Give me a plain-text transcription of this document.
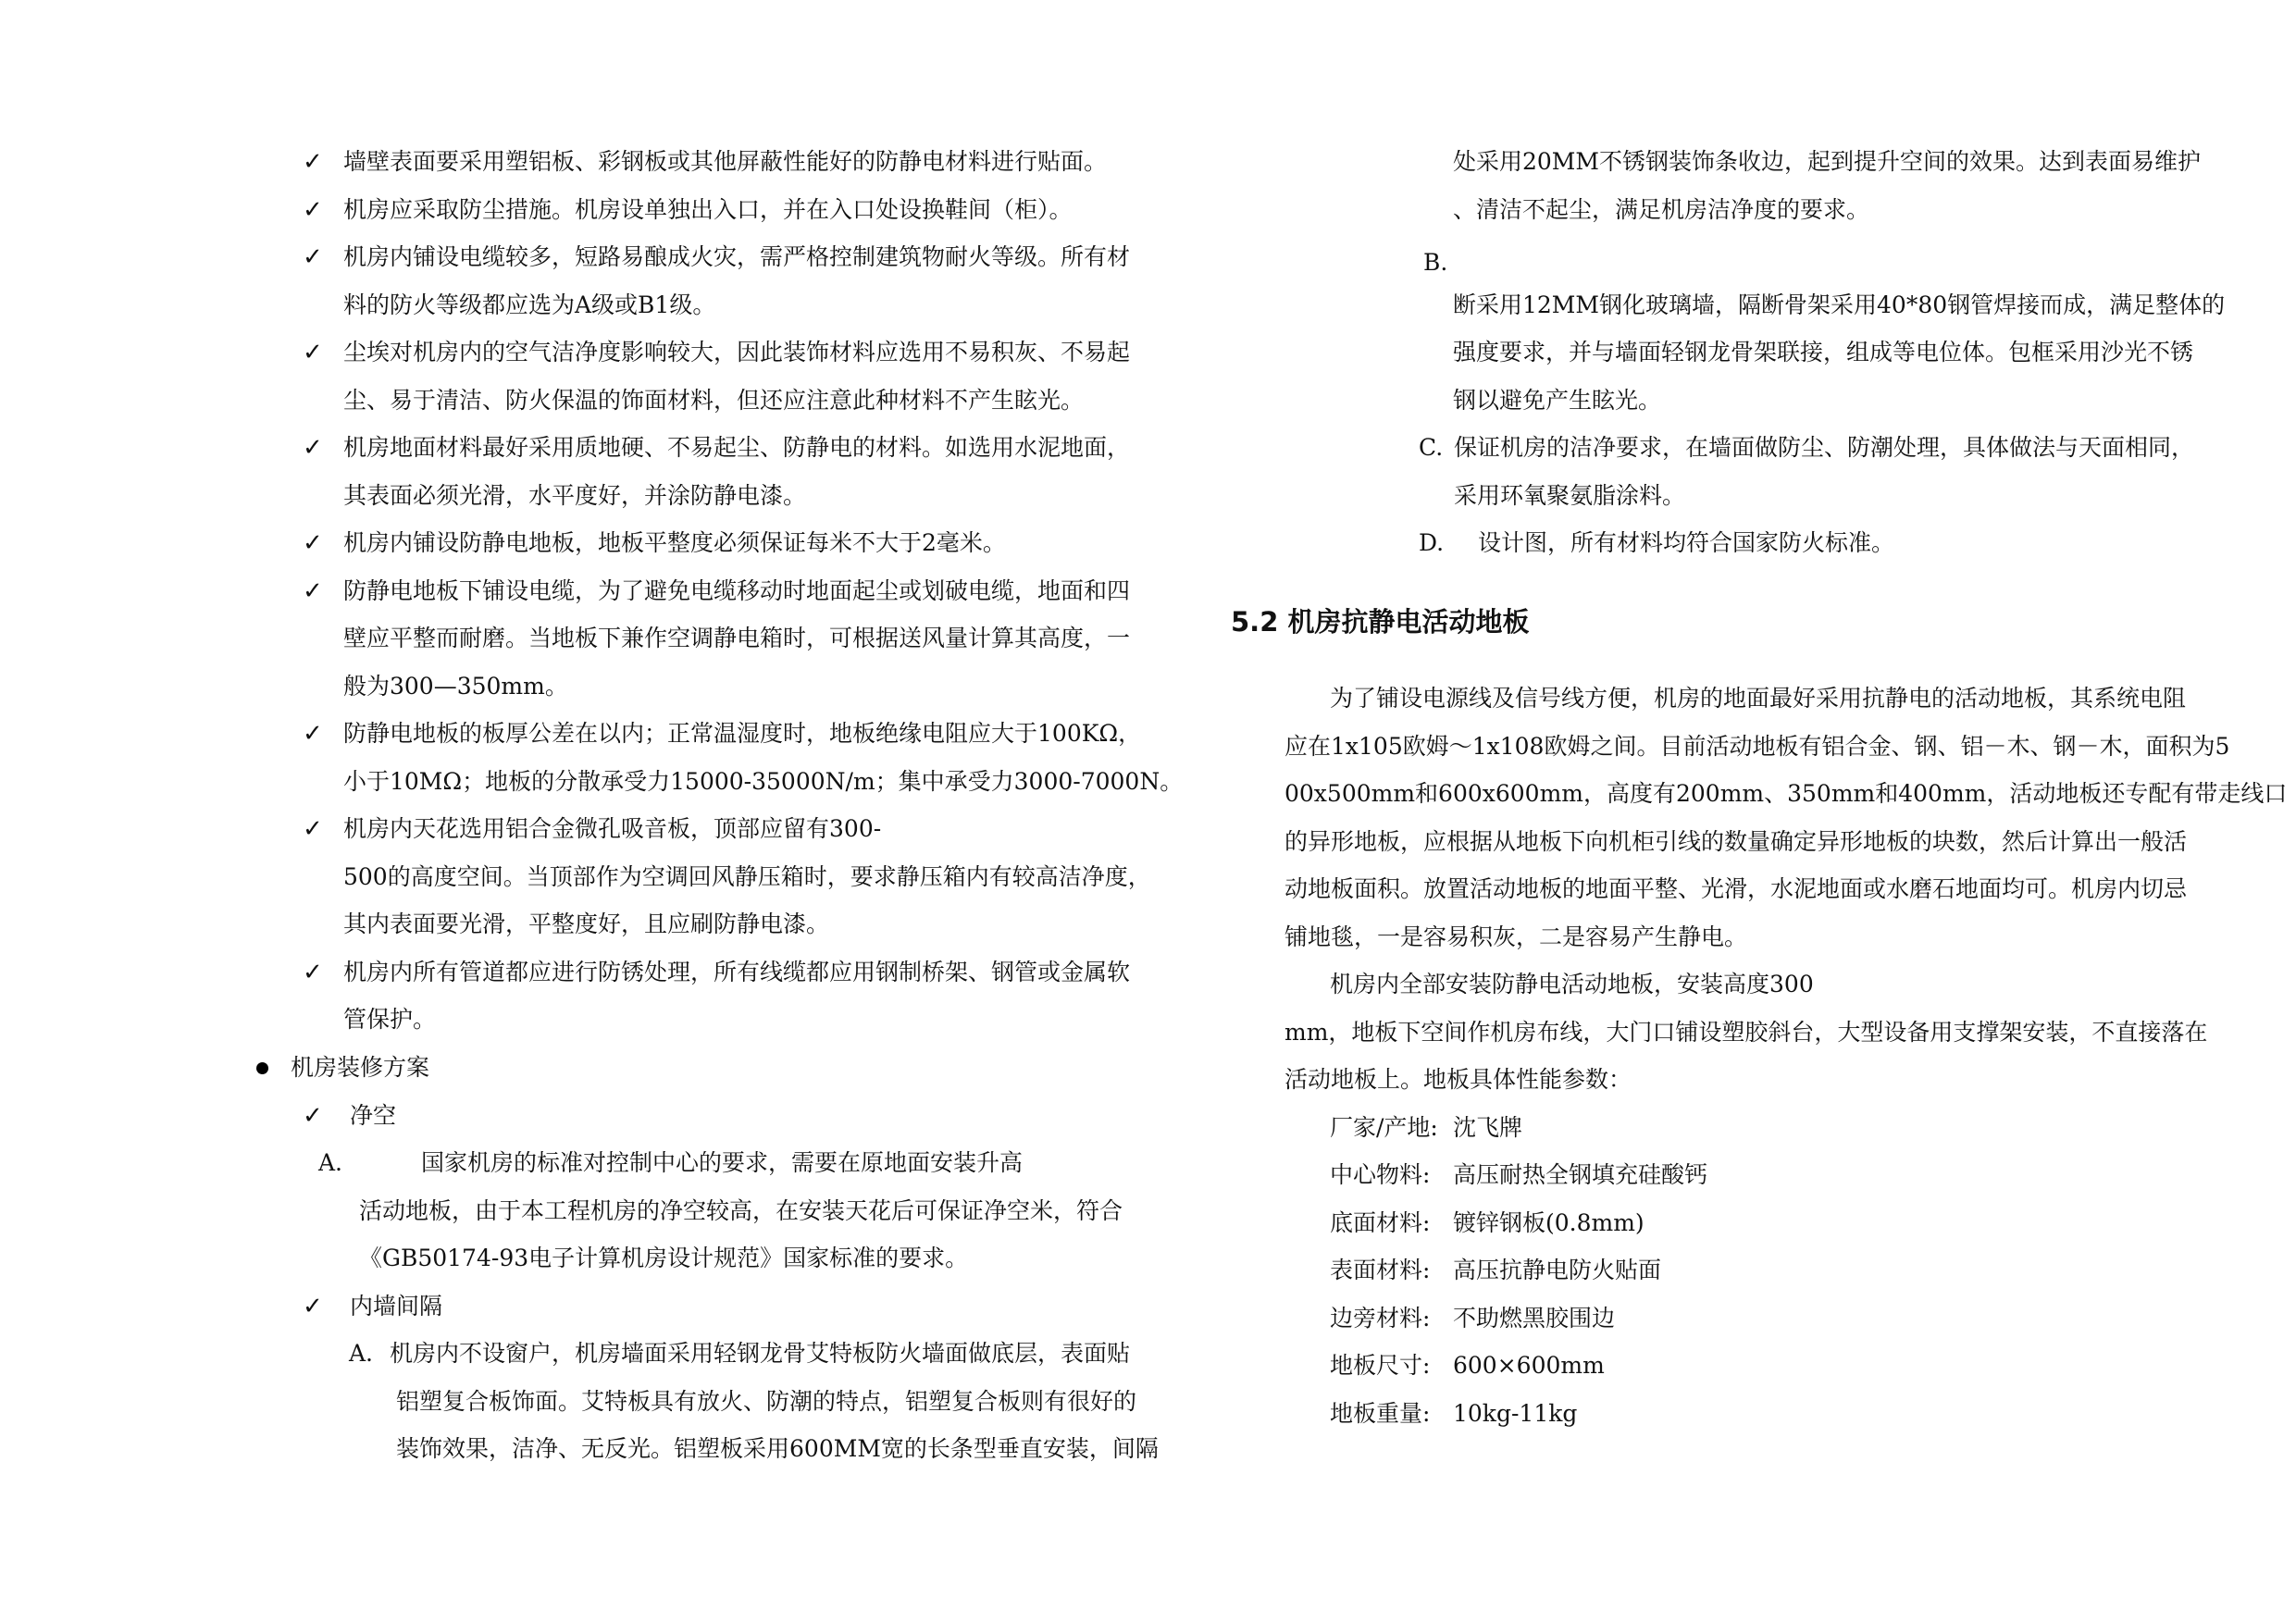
✓ 墙壁表面要采用塑铝板、彩钢板或其他屏蔽性能好的防静电材料进行贴面。
✓ 机房应采取防尘措施。机房设单独出入口，并在入口处设换鞋间（柜）。
✓ 机房内铺设电缆较多，短路易酿成火灾，需严格控制建筑物耐火等级。所有材
料的防火等级都应选为A级或B1级。
✓ 尘埃对机房内的空气洁净度影响较大，因此装饰材料应选用不易积灰、不易起
尘、易于清洁、防火保温的饰面材料，但还应注意此种材料不产生眩光。
✓ 机房地面材料最好采用质地硬、不易起尘、防静电的材料。如选用水泥地面，
其表面必须光滑，水平度好，并涂防静电漆。
✓ 机房内铺设防静电地板，地板平整度必须保证每米不大于2毫米。
✓ 防静电地板下铺设电缆，为了避免电缆移动时地面起尘或划破电缆，地面和四
壁应平整而耐磨。当地板下兼作空调静电箱时，可根据送风量计算其高度，一
般为300—350mm。
✓ 防静电地板的板厚公差在以内；正常温湿度时，地板绝缘电阻应大于100KΩ，
小于10MΩ；地板的分散承受力15000-35000N/m；集中承受力3000-7000N。
✓ 机房内天花选用铝合金微孔吸音板，顶部应留有300-
500的高度空间。当顶部作为空调回风静压箱时，要求静压箱内有较高洁净度，
其内表面要光滑，平整度好，且应刷防静电漆。
✓ 机房内所有管道都应进行防锈处理，所有线缆都应用钢制桥架、钢管或金属软
管保护。
机房装修方案
✓ 净空
A.	国家机房的标准对控制中心的要求，需要在原地面安装升高
活动地板，由于本工程机房的净空较高，在安装天花后可保证净空米，符合
《GB50174-93电子计算机房设计规范》国家标准的要求。
✓ 内墙间隔
A. 机房内不设窗户，机房墙面采用轻钢龙骨艾特板防火墙面做底层，表面贴
铝塑复合板饰面。艾特板具有放火、防潮的特点，铝塑复合板则有很好的
装饰效果，洁净、无反光。铝塑板采用600MM宽的长条型垂直安装，间隔
处采用20MM不锈钢装饰条收边，起到提升空间的效果。达到表面易维护
、清洁不起尘，满足机房洁净度的要求。
B.
断采用12MM钢化玻璃墙，隔断骨架采用40*80钢管焊接而成，满足整体的
强度要求，并与墙面轻钢龙骨架联接，组成等电位体。包框采用沙光不锈
钢以避免产生眩光。
C. 保证机房的洁净要求，在墙面做防尘、防潮处理，具体做法与天面相同，
采用环氧聚氨脂涂料。
D. 设计图，所有材料均符合国家防火标准。
5.2 机房抗静电活动地板
为了铺设电源线及信号线方便，机房的地面最好采用抗静电的活动地板，其系统电阻
应在1x105欧姆～1x108欧姆之间。目前活动地板有铝合金、钢、铝－木、钢－木，面积为5
00x500mm和600x600mm，高度有200mm、350mm和400mm，活动地板还专配有带走线口
的异形地板，应根据从地板下向机柜引线的数量确定异形地板的块数，然后计算出一般活
动地板面积。放置活动地板的地面平整、光滑，水泥地面或水磨石地面均可。机房内切忌
铺地毯，一是容易积灰，二是容易产生静电。
机房内全部安装防静电活动地板，安装高度300
mm，地板下空间作机房布线，大门口铺设塑胶斜台，大型设备用支撑架安装，不直接落在
活动地板上。地板具体性能参数：
厂家/产地: 沈飞牌
中心物料: 高压耐热全钢填充硅酸钙
底面材料: 镀锌钢板(0.8mm)
表面材料: 高压抗静电防火贴面
边旁材料: 不助燃黑胶围边
地板尺寸: 600×600mm
地板重量: 10kg-11kg
